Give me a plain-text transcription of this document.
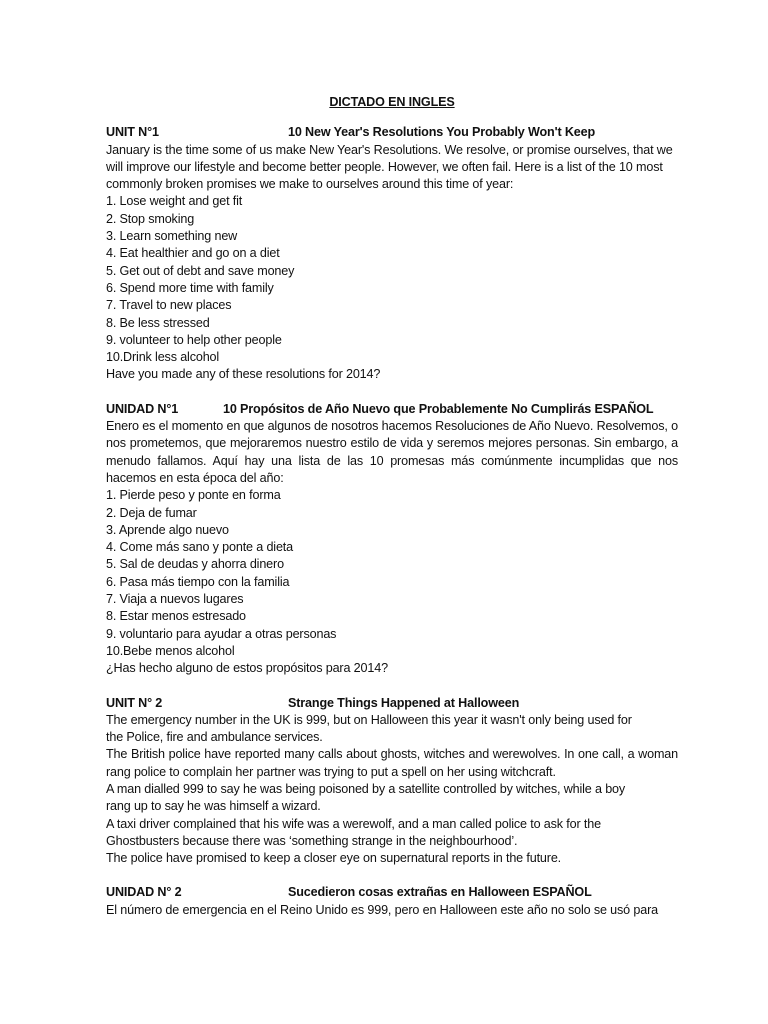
DICTADO EN INGLES
UNIT N°1	10 New Year's Resolutions You Probably Won't Keep

January is the time some of us make New Year's Resolutions. We resolve, or promise ourselves, that we will improve our lifestyle and become better people. However, we often fail. Here is a list of the 10 most commonly broken promises we make to ourselves around this time of year:

1. Lose weight and get fit
2. Stop smoking
3. Learn something new
4. Eat healthier and go on a diet
5. Get out of debt and save money
6. Spend more time with family
7. Travel to new places
8. Be less stressed
9. volunteer to help other people
10.Drink less alcohol

Have you made any of these resolutions for 2014?

UNIDAD N°1	10 Propósitos de Año Nuevo que Probablemente No Cumplirás ESPAÑOL

Enero es el momento en que algunos de nosotros hacemos Resoluciones de Año Nuevo. Resolvemos, o nos prometemos, que mejoraremos nuestro estilo de vida y seremos mejores personas. Sin embargo, a menudo fallamos. Aquí hay una lista de las 10 promesas más comúnmente incumplidas que nos hacemos en esta época del año:

1. Pierde peso y ponte en forma
2. Deja de fumar
3. Aprende algo nuevo
4. Come más sano y ponte a dieta
5. Sal de deudas y ahorra dinero
6. Pasa más tiempo con la familia
7. Viaja a nuevos lugares
8. Estar menos estresado
9. voluntario para ayudar a otras personas
10.Bebe menos alcohol

¿Has hecho alguno de estos propósitos para 2014?

UNIT N° 2	Strange Things Happened at Halloween

The emergency number in the UK is 999, but on Halloween this year it wasn't only being used for

the Police, fire and ambulance services.

The British police have reported many calls about ghosts, witches and werewolves. In one call, a woman rang police to complain her partner was trying to put a spell on her using witchcraft.

A man dialled 999 to say he was being poisoned by a satellite controlled by witches, while a boy

rang up to say he was himself a wizard.

A taxi driver complained that his wife was a werewolf, and a man called police to ask for the

Ghostbusters because there was ‘something strange in the neighbourhood’.

The police have promised to keep a closer eye on supernatural reports in the future.

UNIDAD N° 2	Sucedieron cosas extrañas en Halloween ESPAÑOL

El número de emergencia en el Reino Unido es 999, pero en Halloween este año no solo se usó para
